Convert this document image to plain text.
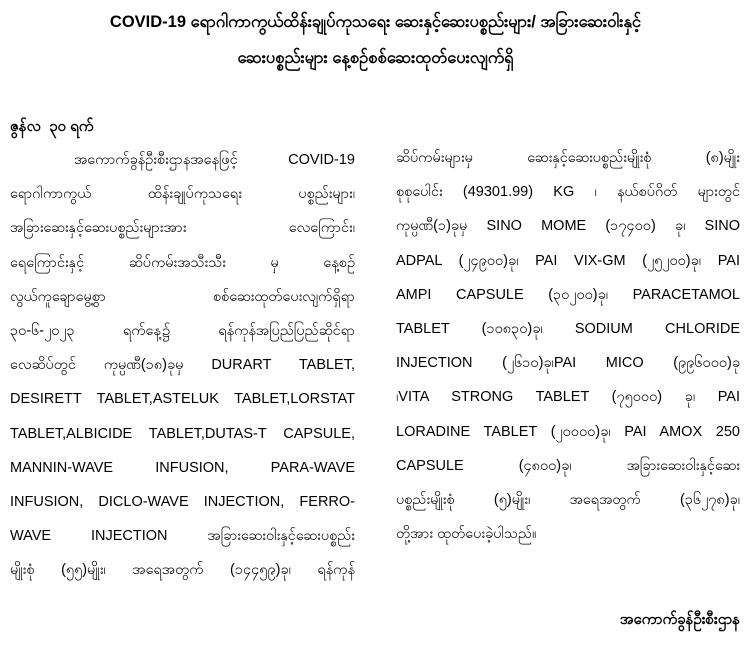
COVID-19 ရောဂါကာကွယ်ထိန်းချုပ်ကုသရေး ဆေးနှင့်ဆေးပစ္စည်းများ/ အခြားဆေးဝါးနှင့်
ဆေးပစ္စည်းများ နေ့စဉ်စစ်ဆေးထုတ်ပေးလျက်ရှိ
ဇွန်လ  ၃၀ ရက်
အကောက်ခွန်ဦးစီးဌာနအနေဖြင့် COVID-19
ရောဂါကာကွယ် ထိန်းချုပ်ကုသရေး ပစ္စည်းများ၊
အခြားဆေးနှင့်ဆေးပစ္စည်းများအား လေကြောင်း၊
ရေကြောင်းနှင့် ဆိပ်ကမ်းအသီးသီး မှ နေ့စဉ်
လွယ်ကူချောမွေ့စွာ စစ်ဆေးထုတ်ပေးလျက်ရှိရာ
၃၀-၆-၂၀၂၃ ရက်နေ့၌ ရန်ကုန်အပြည်ပြည်ဆိုင်ရာ
လေဆိပ်တွင် ကုမ္ပဏီ(၁၈)ခုမှ DURART TABLET,
DESIRETT TABLET,ASTELUK TABLET,LORSTAT
TABLET,ALBICIDE TABLET,DUTAS-T CAPSULE,
MANNIN-WAVE INFUSION, PARA-WAVE
INFUSION, DICLO-WAVE INJECTION, FERRO-
WAVE INJECTION အခြားဆေးဝါးနှင့်ဆေးပစ္စည်း
မျိုးစုံ (၅၅)မျိုး၊ အရေအတွက် (၁၄၄၅၉)ခု၊ ရန်ကုန်
ဆိပ်ကမ်းများမှ ဆေးနှင့်ဆေးပစ္စည်းမျိုးစုံ (၈)မျိုး
စုစုပေါင်း (49301.99) KG ၊ နယ်စပ်ဂိတ် များတွင်
ကုမ္ပဏီ(၁)ခုမှ SINO MOME (၁၇၄၀၀) ခု၊ SINO
ADPAL (၂၄၉၀၀)ခု၊ PAI VIX-GM (၂၅၂၀၀)ခု၊ PAI
AMPI CAPSULE (၃၀၂၀၀)ခု၊ PARACETAMOL
TABLET (၁၀၈၃၀)ခု၊ SODIUM CHLORIDE
INJECTION (၂၆၁၀)ခု၊PAI MICO (၉၉၆၀၀၀)ခု
၊VITA STRONG TABLET (၇၅၀၀၀) ခု၊ PAI
LORADINE TABLET (၂၀၀၀၀)ခု၊ PAI AMOX 250
CAPSULE (၄၈၀၀)ခု၊ အခြားဆေးဝါးနှင့်ဆေး
ပစ္စည်းမျိုးစုံ (၅)မျိုး၊ အရေအတွက် (၃၆၂၇၈)ခု၊
တို့အား ထုတ်ပေးခဲ့ပါသည်။
အကောက်ခွန်ဦးစီးဌာန
